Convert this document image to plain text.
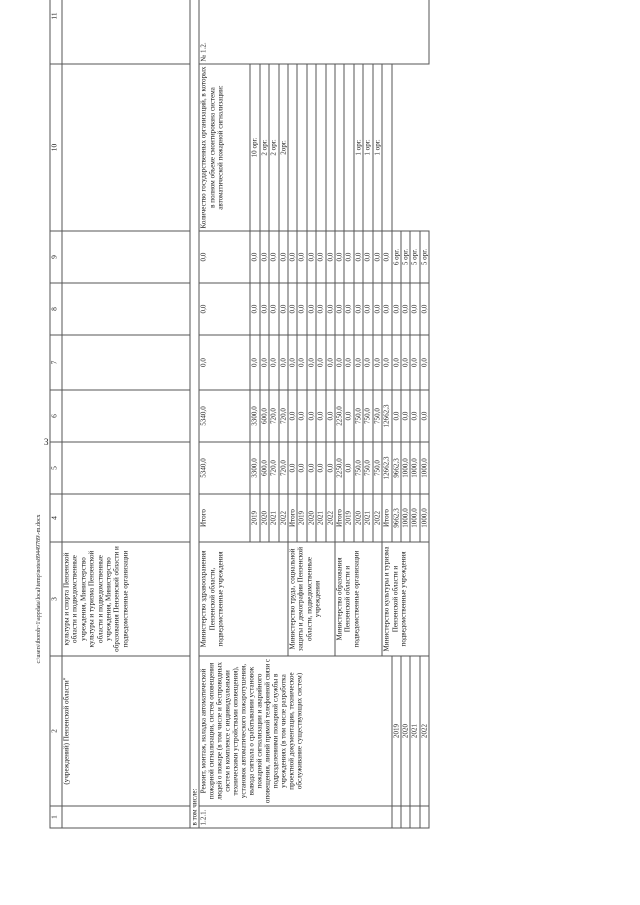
3
c:\users\iboroh~1\appdata\local\temp\notes89449789\-m.docx
1	2	3	4	5	6	7	8	9	10	11
	(учреждений) Пензенской области"	культуры и спорта Пензенской области и подведомственные учреждения, Министерство культуры и туризма Пензенской области и подведомственные учреждения, Министерство образования Пензенской области и подведомственные организации								
в том числе:										
1.2.1.	Ремонт, монтаж, наладка автоматической пожарной сигнализации, систем оповещения людей о пожаре (в том числе и беспроводных систем в комплексе с индивидуальными техническими устройствами оповещения), установок автоматического пожаротушения, вывода сигнала о срабатывании установок пожарной сигнализации и аварийного оповещения, линий прямой телефонной связи с подразделениями пожарной службы в учреждениях (в том числе разработка проектной документации, техническое обслуживание существующих систем)	Министерство здравоохранения Пензенской области, подведомственные учреждения	Итого	5340,0	5340,0	0,0	0,0	0,0	Количество государственных организаций, в которых в полном объеме смонтирована система автоматической пожарной сигнализации:	№ 1.2.
			2019	3300,0	3300,0	0,0	0,0	0,0	10 орг.	
			2020	600,0	600,0	0,0	0,0	0,0	2 орг.	
			2021	720,0	720,0	0,0	0,0	0,0	2 орг.	
			2022	720,0	720,0	0,0	0,0	0,0	2орг.	
		Министерство труда, социальной защиты и демографии Пензенской области, подведомственные учреждения	Итого	0,0	0,0	0,0	0,0	0,0		
			2019	0,0	0,0	0,0	0,0	0,0		
			2020	0,0	0,0	0,0	0,0	0,0		
			2021	0,0	0,0	0,0	0,0	0,0		
			2022	0,0	0,0	0,0	0,0	0,0		
		Министерство образования Пензенской области и подведомственные организации	Итого	2250,0	2250,0	0,0	0,0	0,0		
			2019	0,0	0,0	0,0	0,0	0,0		
			2020	750,0	750,0	0,0	0,0	0,0	1 орг.	
			2021	750,0	750,0	0,0	0,0	0,0	1 орг.	
			2022	750,0	750,0	0,0	0,0	0,0	1 орг.	
		Министерство культуры и туризма Пензенской области и подведомственные учреждения	Итого	12662,3	12662,3	0,0	0,0	0,0		
	2019		9662,3	9662,3	0,0	0,0	0,0	6 орг.		
	2020		1000,0	1000,0	0,0	0,0	0,0	5 орг.		
	2021		1000,0	1000,0	0,0	0,0	0,0	5 орг.		
	2022		1000,0	1000,0	0,0	0,0	0,0	5 орг.		
